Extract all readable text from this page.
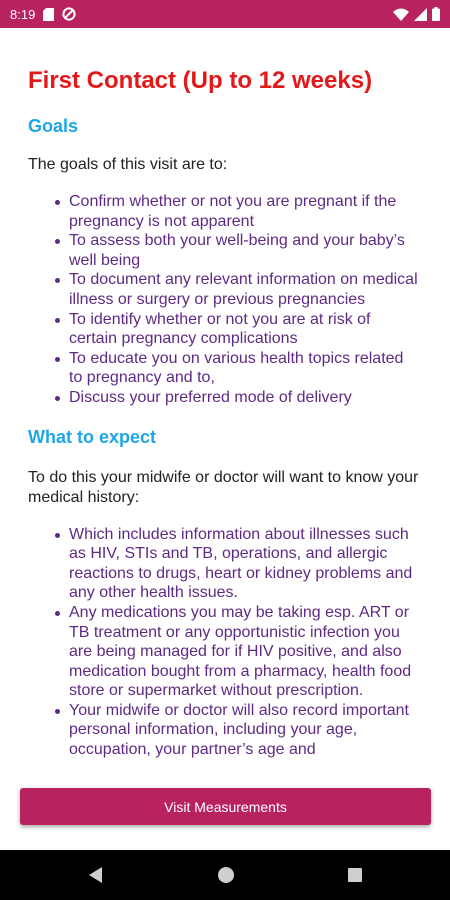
8:19
First Contact (Up to 12 weeks)
Goals

The goals of this visit are to:

Confirm whether or not you are pregnant if the pregnancy is not apparent
To assess both your well-being and your baby’s well being
To document any relevant information on medical illness or surgery or previous pregnancies
To identify whether or not you are at risk of certain pregnancy complications
To educate you on various health topics related to pregnancy and to,
Discuss your preferred mode of delivery
What to expect

To do this your midwife or doctor will want to know your medical history:

Which includes information about illnesses such as HIV, STIs and TB, operations, and allergic reactions to drugs, heart or kidney problems and any other health issues.
Any medications you may be taking esp. ART or TB treatment or any opportunistic infection you are being managed for if HIV positive, and also medication bought from a pharmacy, health food store or supermarket without prescription.
Your midwife or doctor will also record important personal information, including your age, occupation, your partner’s age and
Visit Measurements
